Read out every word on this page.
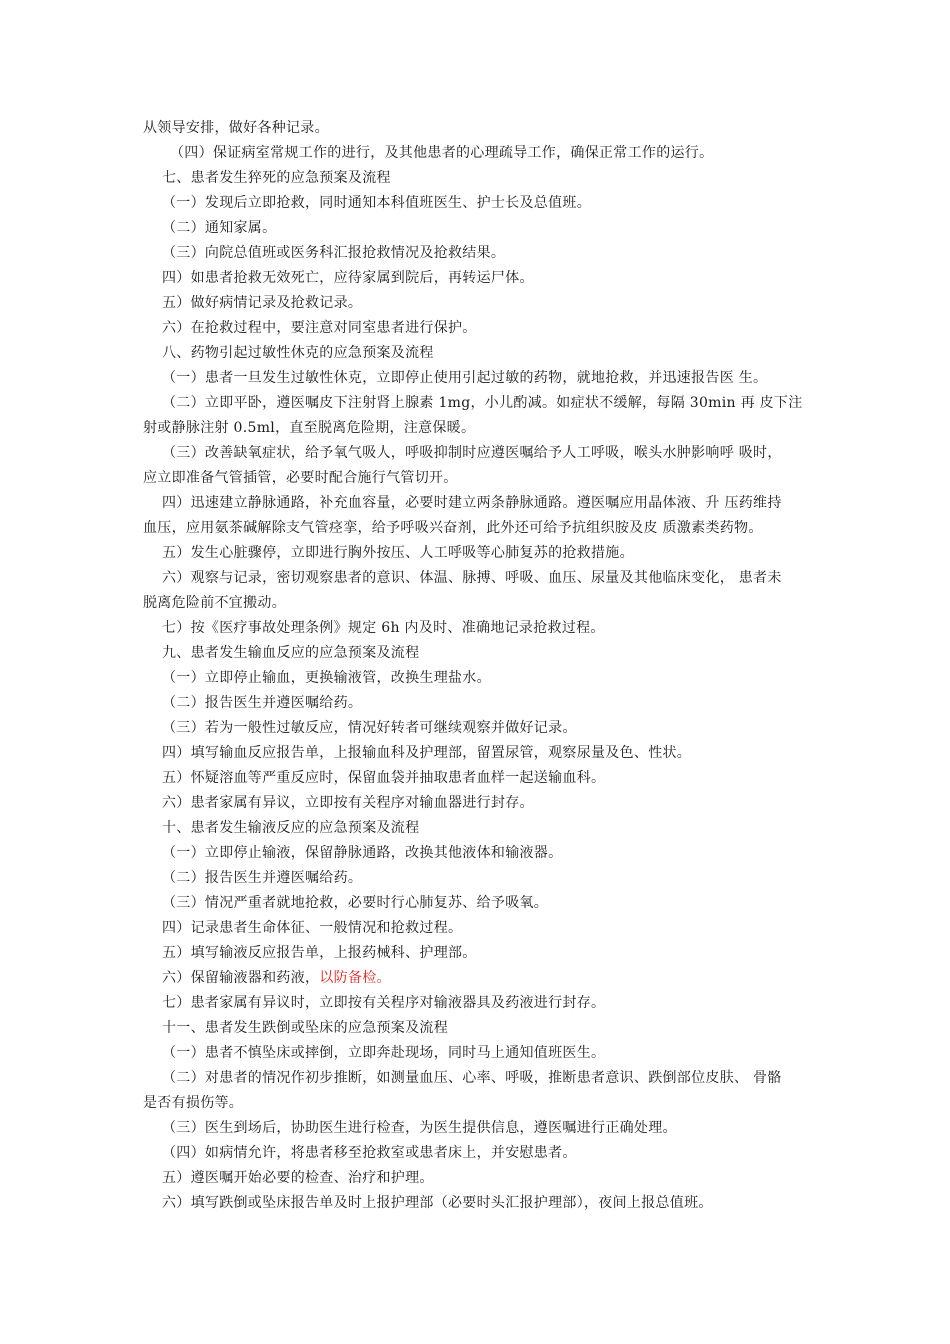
从领导安排，做好各种记录。
（四）保证病室常规工作的进行，及其他患者的心理疏导工作，确保正常工作的运行。
七、患者发生猝死的应急预案及流程
（一）发现后立即抢救，同时通知本科值班医生、护士长及总值班。
（二）通知家属。
（三）向院总值班或医务科汇报抢救情况及抢救结果。
四）如患者抢救无效死亡，应待家属到院后，再转运尸体。
五）做好病情记录及抢救记录。
六）在抢救过程中，要注意对同室患者进行保护。
八、药物引起过敏性休克的应急预案及流程
（一）患者一旦发生过敏性休克，立即停止使用引起过敏的药物，就地抢救，并迅速报告医 生。
（二）立即平卧，遵医嘱皮下注射肾上腺素 1mg，小儿酌减。如症状不缓解，每隔 30min 再 皮下注
射或静脉注射 0.5ml，直至脱离危险期，注意保暖。
（三）改善缺氧症状，给予氧气吸人，呼吸抑制时应遵医嘱给予人工呼吸，喉头水肿影响呼 吸时，
应立即准备气管插管，必要时配合施行气管切开。
四）迅速建立静脉通路，补充血容量，必要时建立两条静脉通路。遵医嘱应用晶体液、升 压药维持
血压，应用氨茶碱解除支气管痉挛，给予呼吸兴奋剂，此外还可给予抗组织胺及皮 质激素类药物。
五）发生心脏骤停，立即进行胸外按压、人工呼吸等心肺复苏的抢救措施。
六）观察与记录，密切观察患者的意识、体温、脉搏、呼吸、血压、尿量及其他临床变化， 患者未
脱离危险前不宜搬动。
七）按《医疗事故处理条例》规定 6h 内及时、准确地记录抢救过程。
九、患者发生输血反应的应急预案及流程
（一）立即停止输血，更换输液管，改换生理盐水。
（二）报告医生并遵医嘱给药。
（三）若为一般性过敏反应，情况好转者可继续观察并做好记录。
四）填写输血反应报告单，上报输血科及护理部，留置尿管，观察尿量及色、性状。
五）怀疑溶血等严重反应时，保留血袋并抽取患者血样一起送输血科。
六）患者家属有异议，立即按有关程序对输血器进行封存。
十、患者发生输液反应的应急预案及流程
（一）立即停止输液，保留静脉通路，改换其他液体和输液器。
（二）报告医生并遵医嘱给药。
（三）情况严重者就地抢救，必要时行心肺复苏、给予吸氧。
四）记录患者生命体征、一般情况和抢救过程。
五）填写输液反应报告单，上报药械科、护理部。
六）保留输液器和药液，以防备检。
七）患者家属有异议时，立即按有关程序对输液器具及药液进行封存。
十一、患者发生跌倒或坠床的应急预案及流程
（一）患者不慎坠床或摔倒，立即奔赴现场，同时马上通知值班医生。
（二）对患者的情况作初步推断，如测量血压、心率、呼吸，推断患者意识、跌倒部位皮肤、 骨骼
是否有损伤等。
（三）医生到场后，协助医生进行检查，为医生提供信息，遵医嘱进行正确处理。
（四）如病情允许，将患者移至抢救室或患者床上，并安慰患者。
五）遵医嘱开始必要的检查、治疗和护理。
六）填写跌倒或坠床报告单及时上报护理部（必要时头汇报护理部），夜间上报总值班。
